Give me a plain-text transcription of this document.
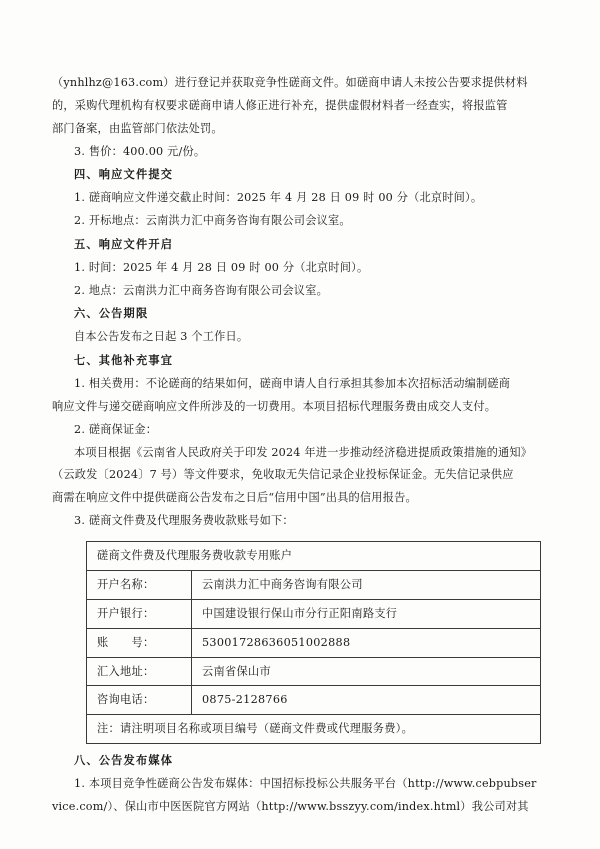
（ynhlhz@163.com）进行登记并获取竞争性磋商文件。如磋商申请人未按公告要求提供材料

的，采购代理机构有权要求磋商申请人修正进行补充，提供虚假材料者一经查实，将报监管

部门备案，由监管部门依法处罚。

3. 售价：400.00 元/份。

四、响应文件提交

1. 磋商响应文件递交截止时间：2025 年 4 月 28 日 09 时 00 分（北京时间）。

2. 开标地点：云南洪力汇中商务咨询有限公司会议室。

五、响应文件开启

1. 时间：2025 年 4 月 28 日 09 时 00 分（北京时间）。

2. 地点：云南洪力汇中商务咨询有限公司会议室。

六、公告期限

自本公告发布之日起 3 个工作日。

七、其他补充事宜

1. 相关费用：不论磋商的结果如何，磋商申请人自行承担其参加本次招标活动编制磋商

响应文件与递交磋商响应文件所涉及的一切费用。本项目招标代理服务费由成交人支付。

2. 磋商保证金：

本项目根据《云南省人民政府关于印发 2024 年进一步推动经济稳进提质政策措施的通知》

（云政发〔2024〕7 号）等文件要求，免收取无失信记录企业投标保证金。无失信记录供应

商需在响应文件中提供磋商公告发布之日后“信用中国”出具的信用报告。

3. 磋商文件费及代理服务费收款账号如下：

磋商文件费及代理服务费收款专用账户	
开户名称：	云南洪力汇中商务咨询有限公司
开户银行：	中国建设银行保山市分行正阳南路支行
账　　号：	53001728636051002888
汇入地址：	云南省保山市
咨询电话：	0875-2128766
注：请注明项目名称或项目编号（磋商文件费或代理服务费）。	

八、公告发布媒体

1. 本项目竞争性磋商公告发布媒体：中国招标投标公共服务平台（http://www.cebpubser

vice.com/）、保山市中医医院官方网站（http://www.bsszyy.com/index.html）我公司对其
